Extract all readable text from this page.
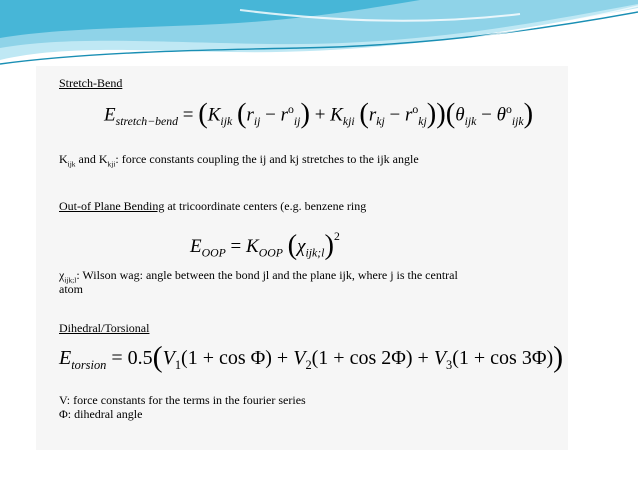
Stretch-Bend
$E_{stretch-bend} = (K_{ijk}$ $(r_{ij} - r^o_{ij}) + K_{kji}$ $(r_{kj} - r^o_{kj}))(\theta_{ijk} - \theta^o_{ijk})$
$K_{ijk}$ and $K_{kji}$: force constants coupling the ij and kj stretches to the ijk angle
Out-of Plane Bending at tricoordinate centers (e.g. benzene ring
$E_{OOP} = K_{OOP}$ $(\chi_{ijk;l})^2$
$\chi_{ijk;l}$: Wilson wag: angle between the bond jl and the plane ijk, where j is the central
atom
Dihedral/Torsional
$E_{torsion} = 0.5(V_1(1 + \cos \Phi) + V_2(1 + \cos 2\Phi) + V_3(1 + \cos 3\Phi))$
V: force constants for the terms in the fourier series
Φ: dihedral angle
